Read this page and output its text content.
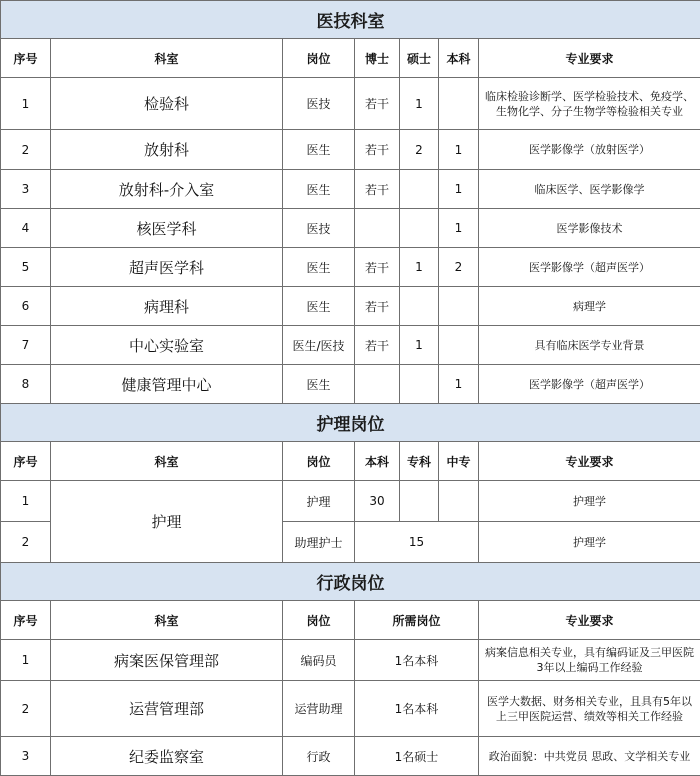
医技科室						
序号	科室	岗位	博士	硕士	本科	专业要求
1	检验科	医技	若干	1		临床检验诊断学、医学检验技术、免疫学、生物化学、分子生物学等检验相关专业
2	放射科	医生	若干	2	1	医学影像学（放射医学）
3	放射科-介入室	医生	若干		1	临床医学、医学影像学
4	核医学科	医技			1	医学影像技术
5	超声医学科	医生	若干	1	2	医学影像学（超声医学）
6	病理科	医生	若干			病理学
7	中心实验室	医生/医技	若干	1		具有临床医学专业背景
8	健康管理中心	医生			1	医学影像学（超声医学）
护理岗位						
序号	科室	岗位	本科	专科	中专	专业要求
1	护理	护理	30			护理学
2		助理护士	15			护理学
行政岗位						
序号	科室	岗位	所需岗位			专业要求
1	病案医保管理部	编码员	1名本科			病案信息相关专业，具有编码证及三甲医院3年以上编码工作经验
2	运营管理部	运营助理	1名本科			医学大数据、财务相关专业，且具有5年以上三甲医院运营、绩效等相关工作经验
3	纪委监察室	行政	1名硕士			政治面貌：中共党员 思政、文学相关专业
